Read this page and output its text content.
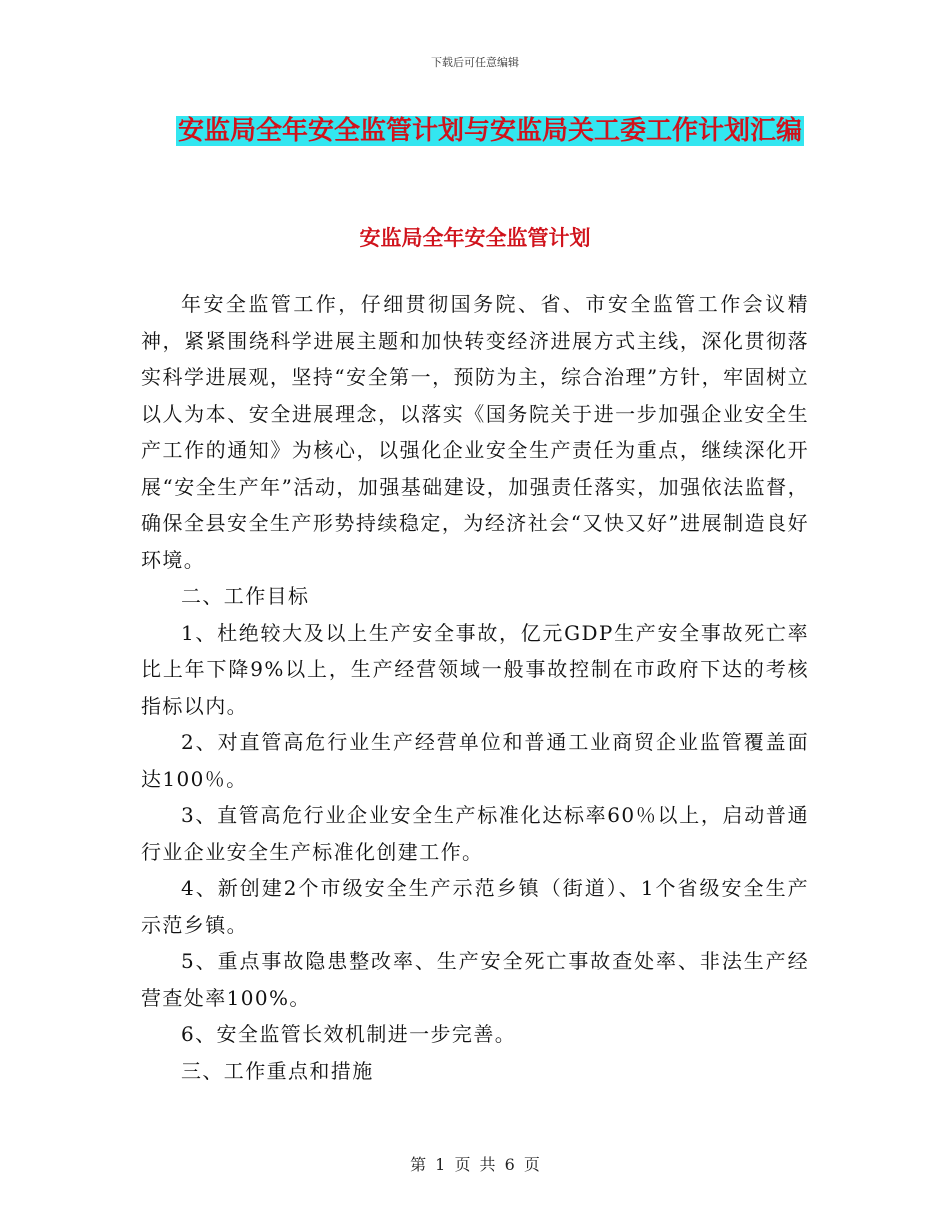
下载后可任意编辑
安监局全年安全监管计划与安监局关工委工作计划汇编
安监局全年安全监管计划

年安全监管工作，仔细贯彻国务院、省、市安全监管工作会议精神，紧紧围绕科学进展主题和加快转变经济进展方式主线，深化贯彻落实科学进展观，坚持“安全第一，预防为主，综合治理”方针，牢固树立以人为本、安全进展理念，以落实《国务院关于进一步加强企业安全生产工作的通知》为核心，以强化企业安全生产责任为重点，继续深化开展“安全生产年”活动，加强基础建设，加强责任落实，加强依法监督，确保全县安全生产形势持续稳定，为经济社会“又快又好”进展制造良好环境。

二、工作目标

1、杜绝较大及以上生产安全事故，亿元GDP生产安全事故死亡率比上年下降9%以上，生产经营领域一般事故控制在市政府下达的考核指标以内。

2、对直管高危行业生产经营单位和普通工业商贸企业监管覆盖面达100％。

3、直管高危行业企业安全生产标准化达标率60％以上，启动普通行业企业安全生产标准化创建工作。

4、新创建2个市级安全生产示范乡镇（街道）、1个省级安全生产示范乡镇。

5、重点事故隐患整改率、生产安全死亡事故查处率、非法生产经营查处率100%。

6、安全监管长效机制进一步完善。

三、工作重点和措施

第 1 页 共 6 页
